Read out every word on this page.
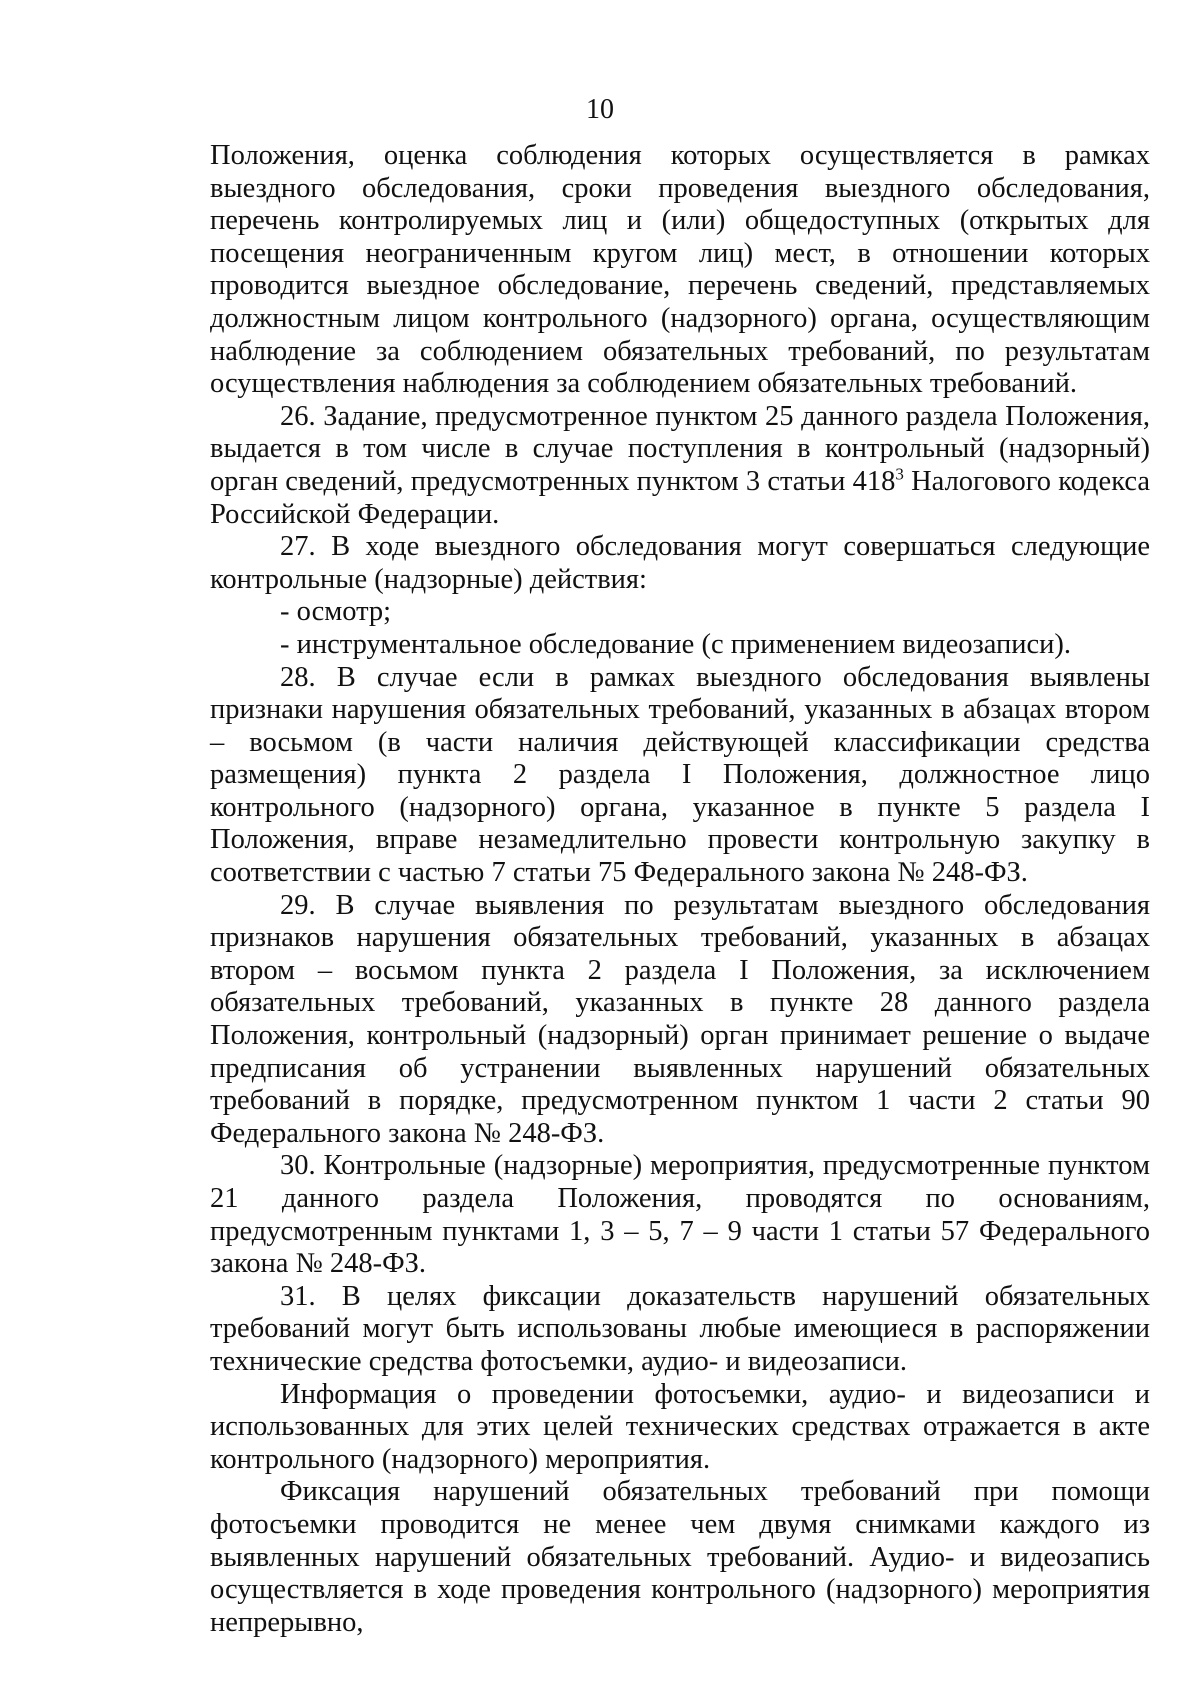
10

Положения, оценка соблюдения которых осуществляется в рамках выездного обследования, сроки проведения выездного обследования, перечень контролируемых лиц и (или) общедоступных (открытых для посещения неограниченным кругом лиц) мест, в отношении которых проводится выездное обследование, перечень сведений, представляемых должностным лицом контрольного (надзорного) органа, осуществляющим наблюдение за соблюдением обязательных требований, по результатам осуществления наблюдения за соблюдением обязательных требований.

26. Задание, предусмотренное пунктом 25 данного раздела Положения, выдается в том числе в случае поступления в контрольный (надзорный) орган сведений, предусмотренных пунктом 3 статьи $418^3$ Налогового кодекса Российской Федерации.

27. В ходе выездного обследования могут совершаться следующие контрольные (надзорные) действия:

- осмотр;

- инструментальное обследование (с применением видеозаписи).

28. В случае если в рамках выездного обследования выявлены признаки нарушения обязательных требований, указанных в абзацах втором – восьмом (в части наличия действующей классификации средства размещения) пункта 2 раздела I Положения, должностное лицо контрольного (надзорного) органа, указанное в пункте 5 раздела I Положения, вправе незамедлительно провести контрольную закупку в соответствии с частью 7 статьи 75 Федерального закона № 248-ФЗ.

29. В случае выявления по результатам выездного обследования признаков нарушения обязательных требований, указанных в абзацах втором – восьмом пункта 2 раздела I Положения, за исключением обязательных требований, указанных в пункте 28 данного раздела Положения, контрольный (надзорный) орган принимает решение о выдаче предписания об устранении выявленных нарушений обязательных требований в порядке, предусмотренном пунктом 1 части 2 статьи 90 Федерального закона № 248-ФЗ.

30. Контрольные (надзорные) мероприятия, предусмотренные пунктом 21 данного раздела Положения, проводятся по основаниям, предусмотренным пунктами 1, 3 – 5, 7 – 9 части 1 статьи 57 Федерального закона № 248-ФЗ.

31. В целях фиксации доказательств нарушений обязательных требований могут быть использованы любые имеющиеся в распоряжении технические средства фотосъемки, аудио- и видеозаписи.

Информация о проведении фотосъемки, аудио- и видеозаписи и использованных для этих целей технических средствах отражается в акте контрольного (надзорного) мероприятия.

Фиксация нарушений обязательных требований при помощи фотосъемки проводится не менее чем двумя снимками каждого из выявленных нарушений обязательных требований. Аудио- и видеозапись осуществляется в ходе проведения контрольного (надзорного) мероприятия непрерывно,
